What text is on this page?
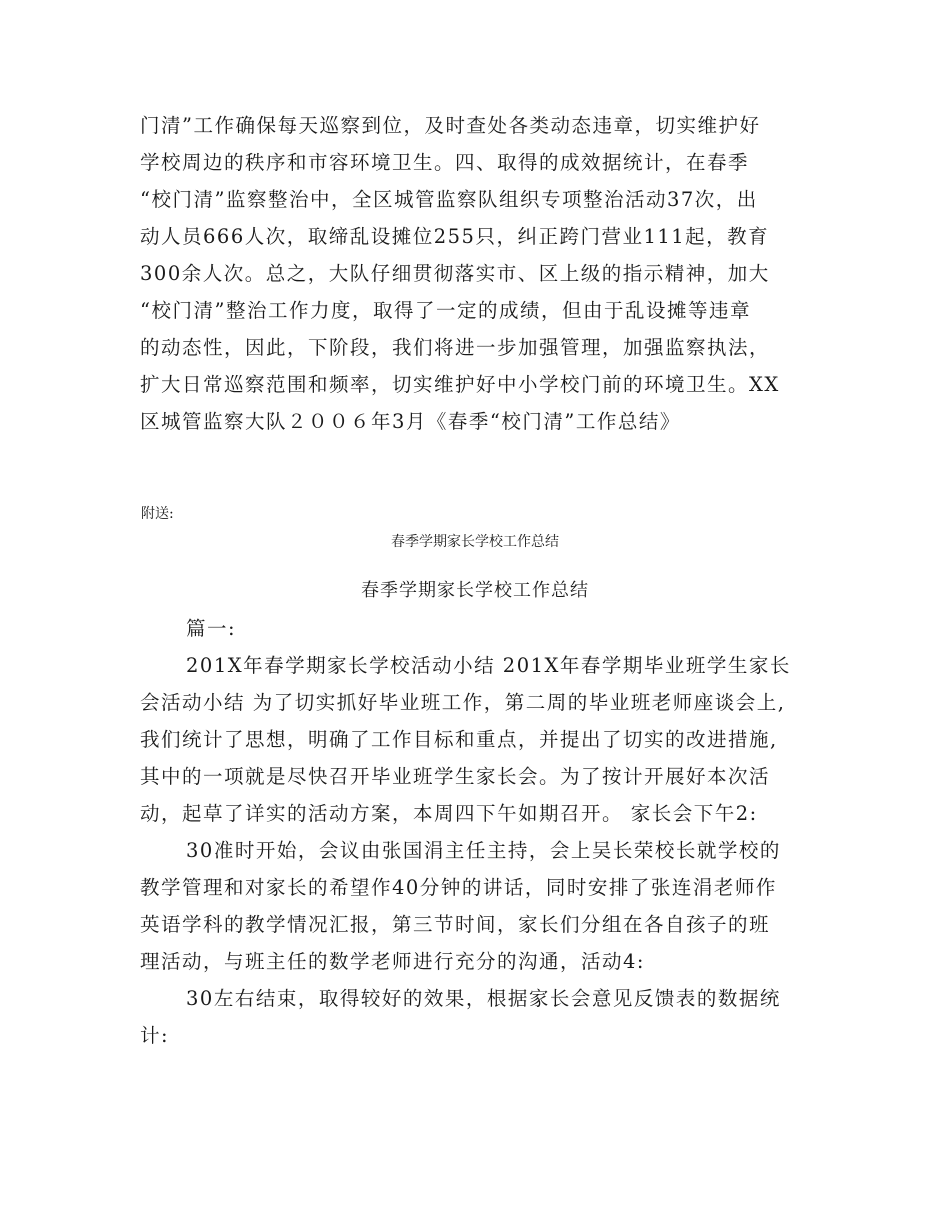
门清”工作确保每天巡察到位，及时查处各类动态违章，切实维护好
学校周边的秩序和市容环境卫生。四、取得的成效据统计，在春季
“校门清”监察整治中，全区城管监察队组织专项整治活动37次，出
动人员666人次，取缔乱设摊位255只，纠正跨门营业111起，教育
300余人次。总之，大队仔细贯彻落实市、区上级的指示精神，加大
“校门清”整治工作力度，取得了一定的成绩，但由于乱设摊等违章
的动态性，因此，下阶段，我们将进一步加强管理，加强监察执法，
扩大日常巡察范围和频率，切实维护好中小学校门前的环境卫生。XX
区城管监察大队２００６年3月《春季“校门清”工作总结》
附送:
春季学期家长学校工作总结
春季学期家长学校工作总结
篇一:
201X年春学期家长学校活动小结 201X年春学期毕业班学生家长
会活动小结 为了切实抓好毕业班工作，第二周的毕业班老师座谈会上,
我们统计了思想，明确了工作目标和重点，并提出了切实的改进措施,
其中的一项就是尽快召开毕业班学生家长会。为了按计开展好本次活
动，起草了详实的活动方案，本周四下午如期召开。 家长会下午2:
30准时开始，会议由张国涓主任主持，会上吴长荣校长就学校的
教学管理和对家长的希望作40分钟的讲话，同时安排了张连涓老师作
英语学科的教学情况汇报，第三节时间，家长们分组在各自孩子的班
理活动，与班主任的数学老师进行充分的沟通，活动4:
30左右结束，取得较好的效果，根据家长会意见反馈表的数据统
计:
